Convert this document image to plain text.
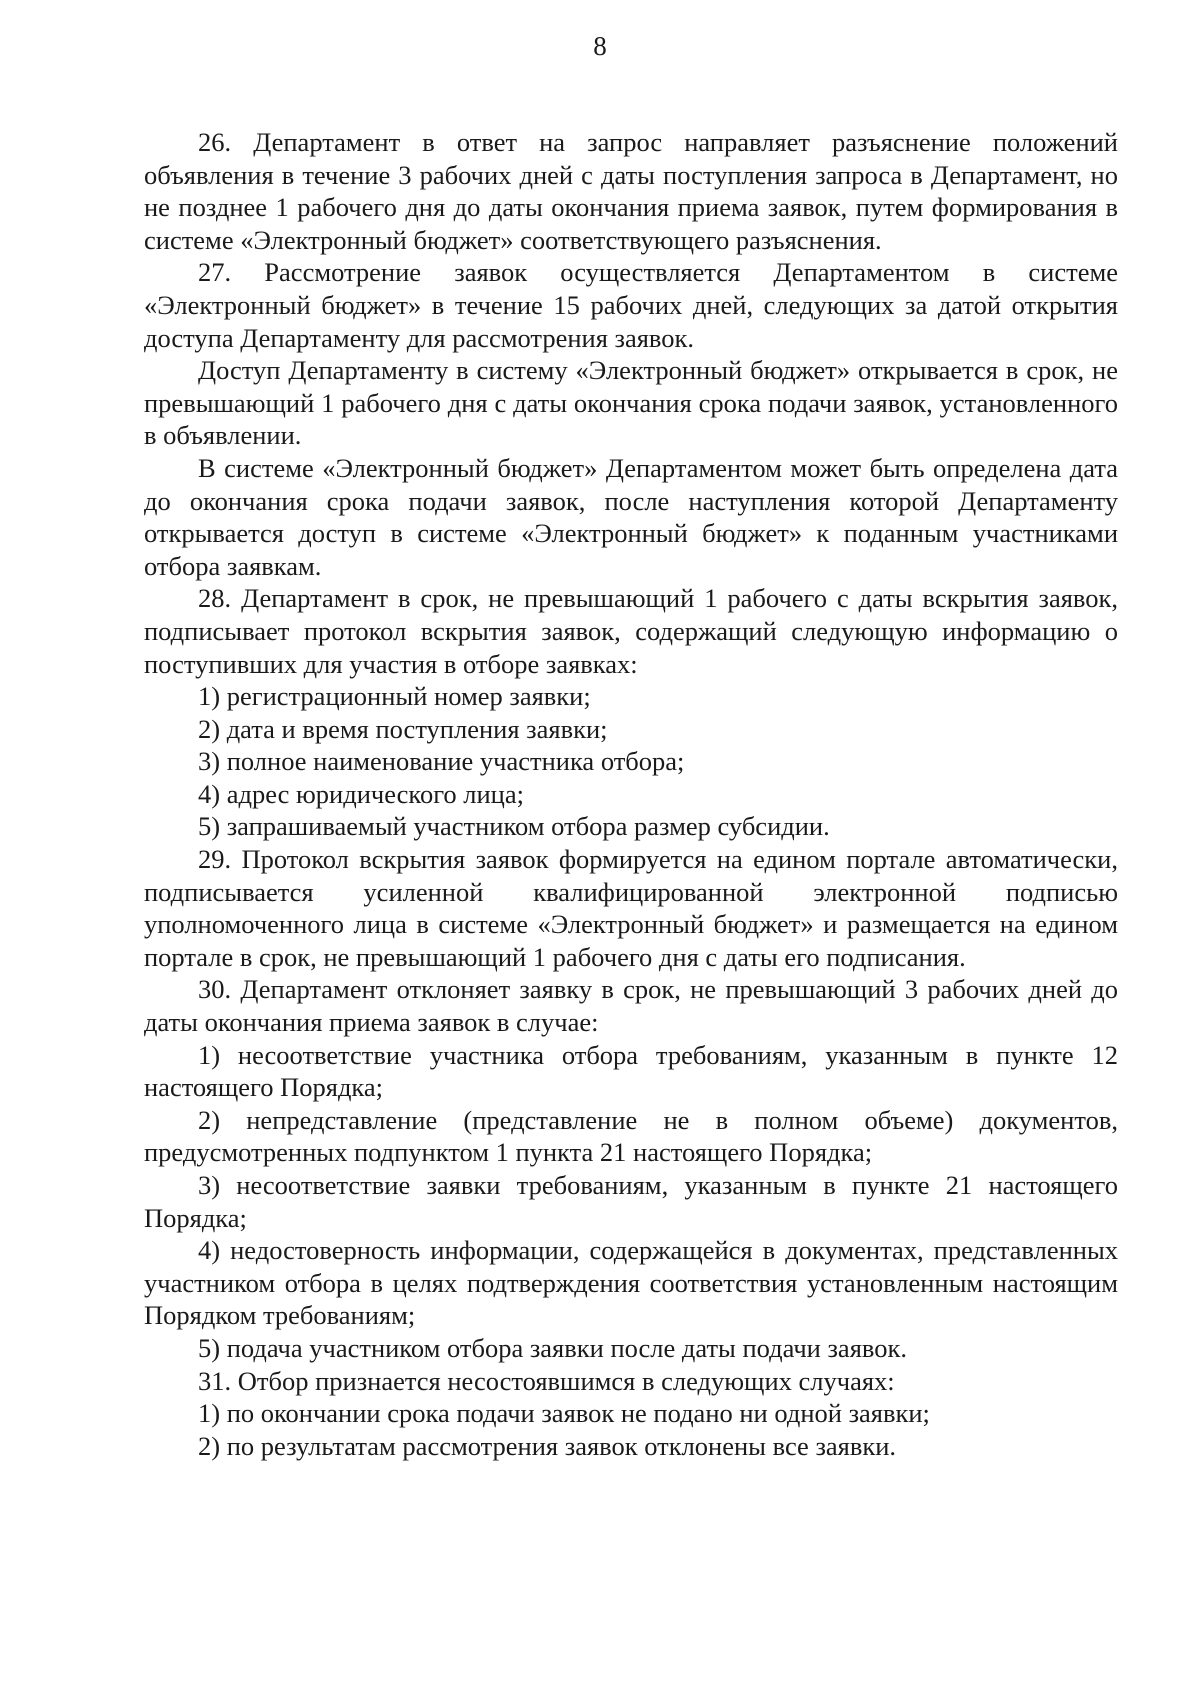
8

26. Департамент в ответ на запрос направляет разъяснение положений объявления в течение 3 рабочих дней с даты поступления запроса в Департамент, но не позднее 1 рабочего дня до даты окончания приема заявок, путем формирования в системе «Электронный бюджет» соответствующего разъяснения.

27. Рассмотрение заявок осуществляется Департаментом в системе «Электронный бюджет» в течение 15 рабочих дней, следующих за датой открытия доступа Департаменту для рассмотрения заявок.

Доступ Департаменту в систему «Электронный бюджет» открывается в срок, не превышающий 1 рабочего дня с даты окончания срока подачи заявок, установленного в объявлении.

В системе «Электронный бюджет» Департаментом может быть определена дата до окончания срока подачи заявок, после наступления которой Департаменту открывается доступ в системе «Электронный бюджет» к поданным участниками отбора заявкам.

28. Департамент в срок, не превышающий 1 рабочего с даты вскрытия заявок, подписывает протокол вскрытия заявок, содержащий следующую информацию о поступивших для участия в отборе заявках:

1) регистрационный номер заявки;

2) дата и время поступления заявки;

3) полное наименование участника отбора;

4) адрес юридического лица;

5) запрашиваемый участником отбора размер субсидии.

29. Протокол вскрытия заявок формируется на едином портале автоматически, подписывается усиленной квалифицированной электронной подписью уполномоченного лица в системе «Электронный бюджет» и размещается на едином портале в срок, не превышающий 1 рабочего дня с даты его подписания.

30. Департамент отклоняет заявку в срок, не превышающий 3 рабочих дней до даты окончания приема заявок в случае:

1) несоответствие участника отбора требованиям, указанным в пункте 12 настоящего Порядка;

2) непредставление (представление не в полном объеме) документов, предусмотренных подпунктом 1 пункта 21 настоящего Порядка;

3) несоответствие заявки требованиям, указанным в пункте 21 настоящего Порядка;

4) недостоверность информации, содержащейся в документах, представленных участником отбора в целях подтверждения соответствия установленным настоящим Порядком требованиям;

5) подача участником отбора заявки после даты подачи заявок.

31. Отбор признается несостоявшимся в следующих случаях:

1) по окончании срока подачи заявок не подано ни одной заявки;

2) по результатам рассмотрения заявок отклонены все заявки.
